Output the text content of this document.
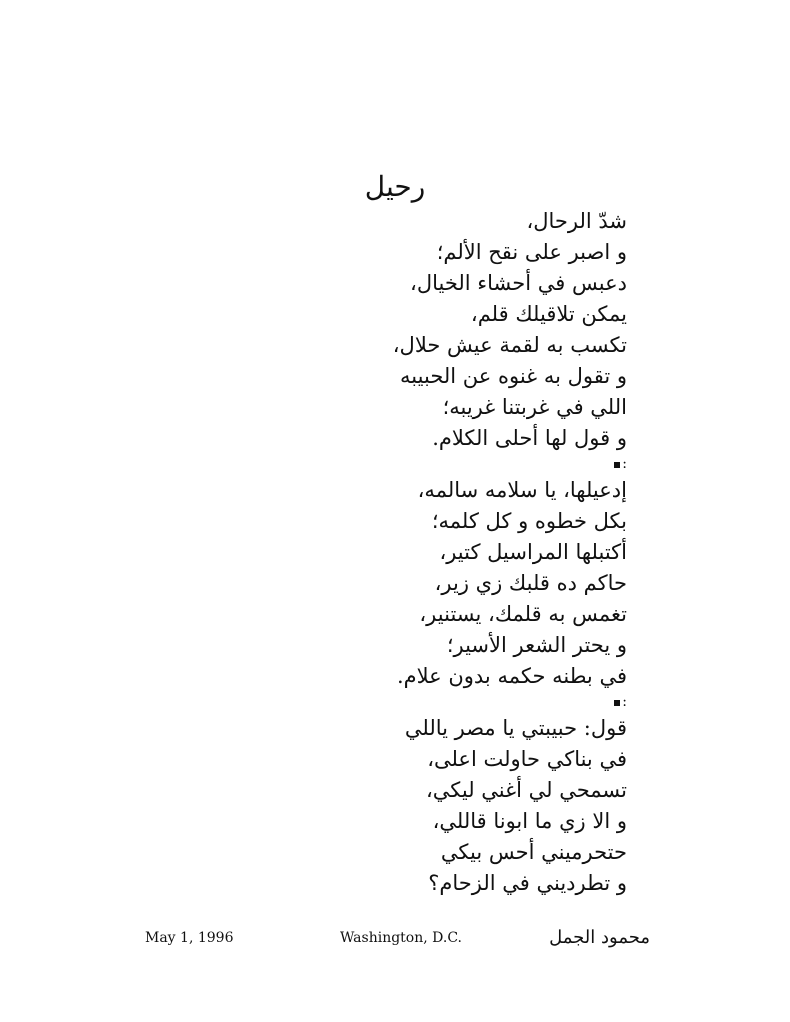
رحيل
شدّ الرحال،
و اصبر على نقح الألم؛
دعبس في أحشاء الخيال،
يمكن تلاقيلك قلم،
تكسب به لقمة عيش حلال،
و تقول به غنوه عن الحبيبه
اللي في غربتنا غريبه؛
و قول لها أحلى الكلام.
:
إدعيلها، يا سلامه سالمه،
بكل خطوه و كل كلمه؛
أكتبلها المراسيل كتير،
حاكم ده قلبك زي زير،
تغمس به قلمك، يستنير،
و يحتر الشعر الأسير؛
في بطنه حكمه بدون علام.
:
قول: حبيبتي يا مصر ياللي
في بناكي حاولت اعلى،
تسمحي لي أغني ليكي،
و الا زي ما ابونا قاللي،
حتحرميني أحس بيكي
و تطرديني في الزحام؟
May 1, 1996	Washington, D.C.	محمود الجمل
